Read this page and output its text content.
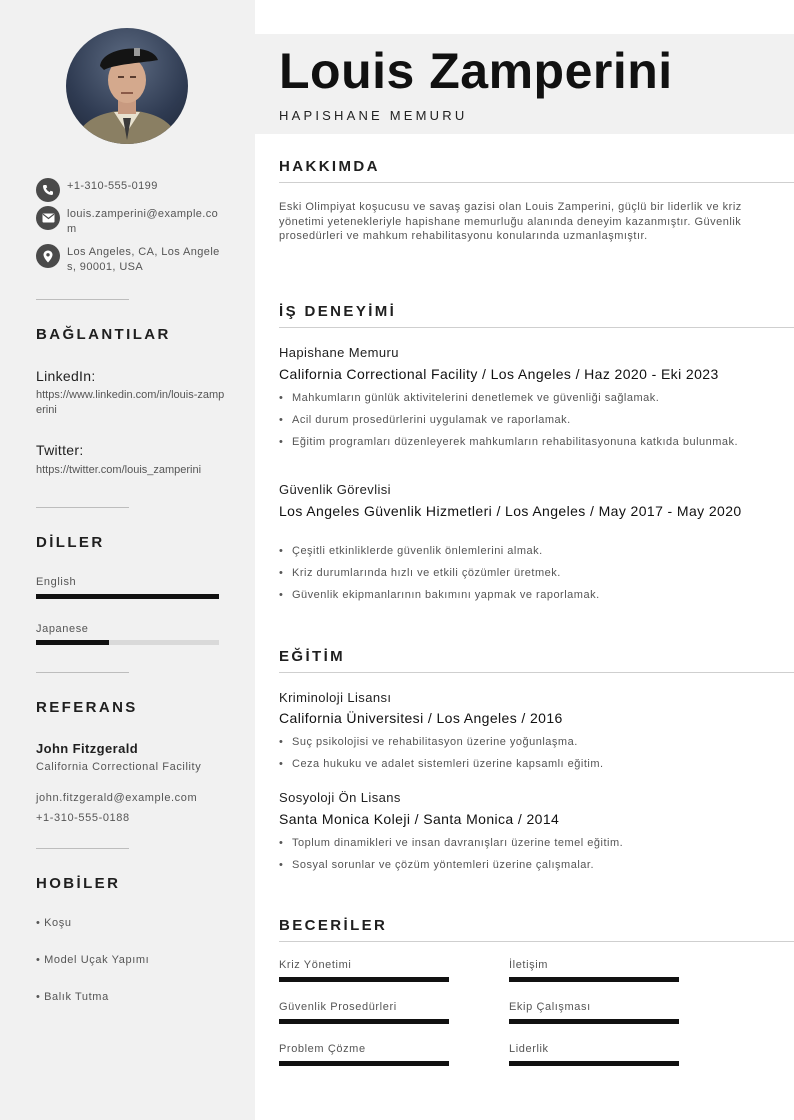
+1-310-555-0199
louis.zamperini@example.com
Los Angeles, CA, Los Angeles, 90001, USA
BAĞLANTILAR
LinkedIn:
https://www.linkedin.com/in/louis-zamperini
Twitter:
https://twitter.com/louis_zamperini
DİLLER
English
Japanese
REFERANS
John Fitzgerald
California Correctional Facility
john.fitzgerald@example.com
+1-310-555-0188
HOBİLER
• Koşu
• Model Uçak Yapımı
• Balık Tutma
Louis Zamperini
HAPISHANE MEMURU
HAKKIMDA
Eski Olimpiyat koşucusu ve savaş gazisi olan Louis Zamperini, güçlü bir liderlik ve kriz yönetimi yetenekleriyle hapishane memurluğu alanında deneyim kazanmıştır. Güvenlik prosedürleri ve mahkum rehabilitasyonu konularında uzmanlaşmıştır.
İŞ DENEYİMİ
Hapishane Memuru
California Correctional Facility / Los Angeles / Haz 2020 - Eki 2023
• Mahkumların günlük aktivitelerini denetlemek ve güvenliği sağlamak.
• Acil durum prosedürlerini uygulamak ve raporlamak.
• Eğitim programları düzenleyerek mahkumların rehabilitasyonuna katkıda bulunmak.
Güvenlik Görevlisi
Los Angeles Güvenlik Hizmetleri / Los Angeles / May 2017 - May 2020
• Çeşitli etkinliklerde güvenlik önlemlerini almak.
• Kriz durumlarında hızlı ve etkili çözümler üretmek.
• Güvenlik ekipmanlarının bakımını yapmak ve raporlamak.
EĞİTİM
Kriminoloji Lisansı
California Üniversitesi / Los Angeles / 2016
• Suç psikolojisi ve rehabilitasyon üzerine yoğunlaşma.
• Ceza hukuku ve adalet sistemleri üzerine kapsamlı eğitim.
Sosyoloji Ön Lisans
Santa Monica Koleji / Santa Monica / 2014
• Toplum dinamikleri ve insan davranışları üzerine temel eğitim.
• Sosyal sorunlar ve çözüm yöntemleri üzerine çalışmalar.
BECERİLER
Kriz Yönetimi	İletişim
Güvenlik Prosedürleri	Ekip Çalışması
Problem Çözme	Liderlik
